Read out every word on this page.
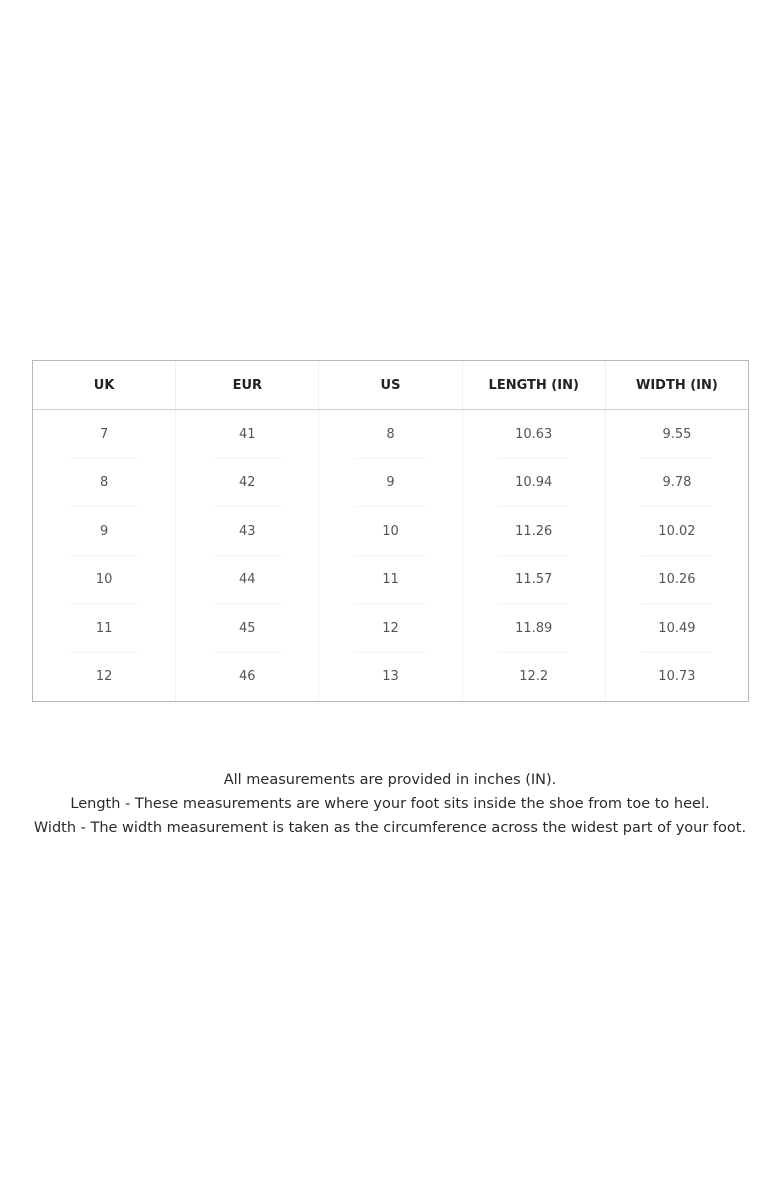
UK	EUR	US	LENGTH (IN)	WIDTH (IN)
7	41	8	10.63	9.55
8	42	9	10.94	9.78
9	43	10	11.26	10.02
10	44	11	11.57	10.26
11	45	12	11.89	10.49
12	46	13	12.2	10.73
All measurements are provided in inches (IN).
Length - These measurements are where your foot sits inside the shoe from toe to heel.
Width - The width measurement is taken as the circumference across the widest part of your foot.
